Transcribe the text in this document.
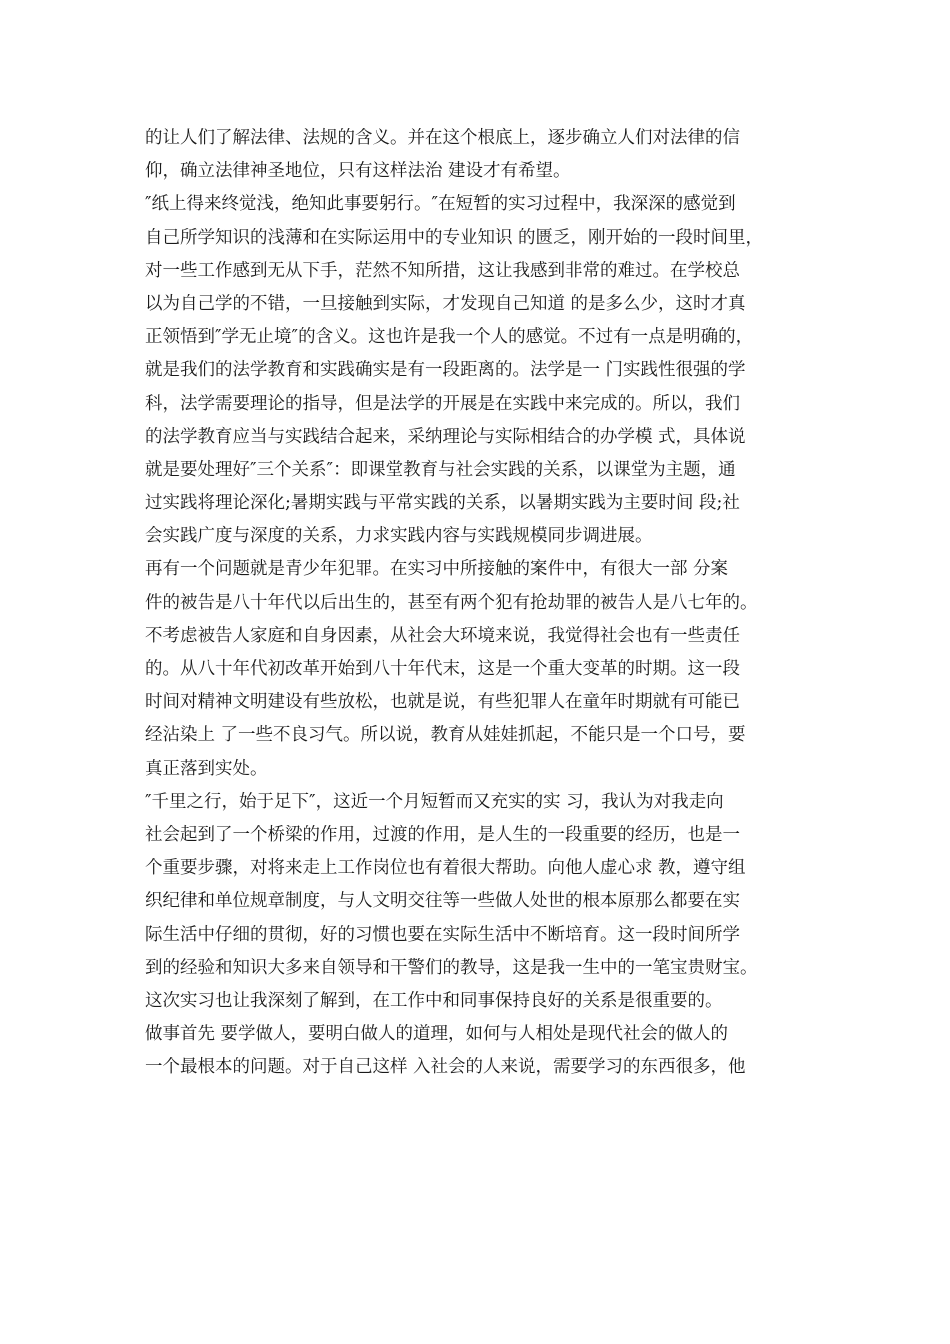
的让人们了解法律、法规的含义。并在这个根底上，逐步确立人们对法律的信
仰，确立法律神圣地位，只有这样法治 建设才有希望。
″纸上得来终觉浅，绝知此事要躬行。″在短暂的实习过程中，我深深的感觉到
自己所学知识的浅薄和在实际运用中的专业知识 的匮乏，刚开始的一段时间里，
对一些工作感到无从下手，茫然不知所措，这让我感到非常的难过。在学校总
以为自己学的不错，一旦接触到实际，才发现自己知道 的是多么少，这时才真
正领悟到″学无止境″的含义。这也许是我一个人的感觉。不过有一点是明确的，
就是我们的法学教育和实践确实是有一段距离的。法学是一 门实践性很强的学
科，法学需要理论的指导，但是法学的开展是在实践中来完成的。所以，我们
的法学教育应当与实践结合起来，采纳理论与实际相结合的办学模 式，具体说
就是要处理好″三个关系″：即课堂教育与社会实践的关系，以课堂为主题，通
过实践将理论深化;暑期实践与平常实践的关系，以暑期实践为主要时间 段;社
会实践广度与深度的关系，力求实践内容与实践规模同步调进展。
再有一个问题就是青少年犯罪。在实习中所接触的案件中，有很大一部 分案
件的被告是八十年代以后出生的，甚至有两个犯有抢劫罪的被告人是八七年的。
不考虑被告人家庭和自身因素，从社会大环境来说，我觉得社会也有一些责任
的。从八十年代初改革开始到八十年代末，这是一个重大变革的时期。这一段
时间对精神文明建设有些放松，也就是说，有些犯罪人在童年时期就有可能已
经沾染上 了一些不良习气。所以说，教育从娃娃抓起，不能只是一个口号，要
真正落到实处。
″千里之行，始于足下″，这近一个月短暂而又充实的实 习，我认为对我走向
社会起到了一个桥梁的作用，过渡的作用，是人生的一段重要的经历，也是一
个重要步骤，对将来走上工作岗位也有着很大帮助。向他人虚心求 教，遵守组
织纪律和单位规章制度，与人文明交往等一些做人处世的根本原那么都要在实
际生活中仔细的贯彻，好的习惯也要在实际生活中不断培育。这一段时间所学
到的经验和知识大多来自领导和干警们的教导，这是我一生中的一笔宝贵财宝。
这次实习也让我深刻了解到，在工作中和同事保持良好的关系是很重要的。
做事首先 要学做人，要明白做人的道理，如何与人相处是现代社会的做人的
一个最根本的问题。对于自己这样 入社会的人来说，需要学习的东西很多，他
